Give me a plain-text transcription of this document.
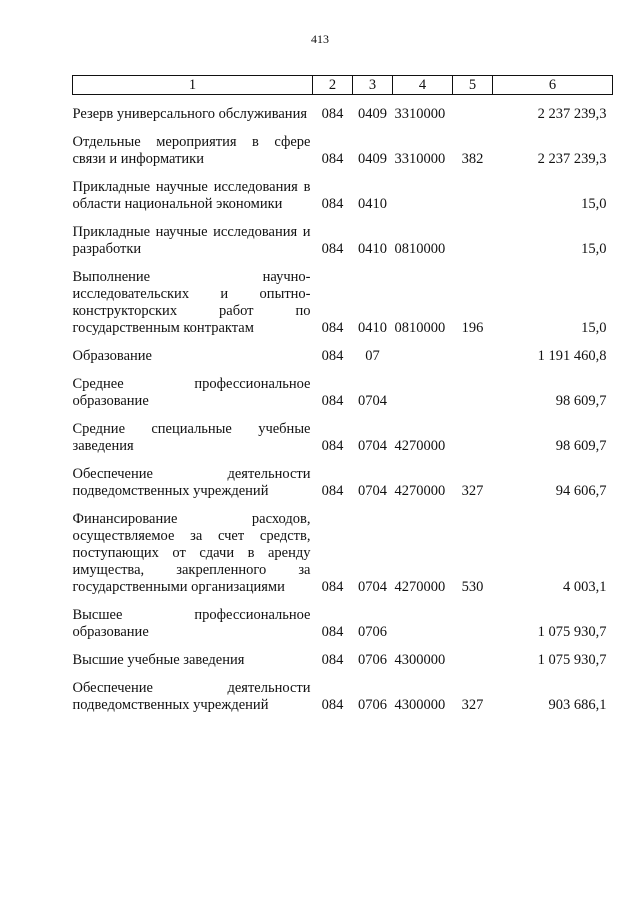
413
1	2	3	4	5	6

Резерв универсального обслуживания	084	0409	3310000		2 237 239,3

Отдельные мероприятия в сфере связи и информатики	084	0409	3310000	382	2 237 239,3

Прикладные научные исследования в области национальной экономики	084	0410			15,0

Прикладные научные исследования и разработки	084	0410	0810000		15,0

Выполнение научно-исследовательских и опытно-конструкторских работ по государственным контрактам	084	0410	0810000	196	15,0

Образование	084	07			1 191 460,8

Среднее профессиональное образование	084	0704			98 609,7

Средние специальные учебные заведения	084	0704	4270000		98 609,7

Обеспечение деятельности подведомственных учреждений	084	0704	4270000	327	94 606,7

Финансирование расходов, осуществляемое за счет средств, поступающих от сдачи в аренду имущества, закрепленного за государственными организациями	084	0704	4270000	530	4 003,1

Высшее профессиональное образование	084	0706			1 075 930,7

Высшие учебные заведения	084	0706	4300000		1 075 930,7

Обеспечение деятельности подведомственных учреждений	084	0706	4300000	327	903 686,1
